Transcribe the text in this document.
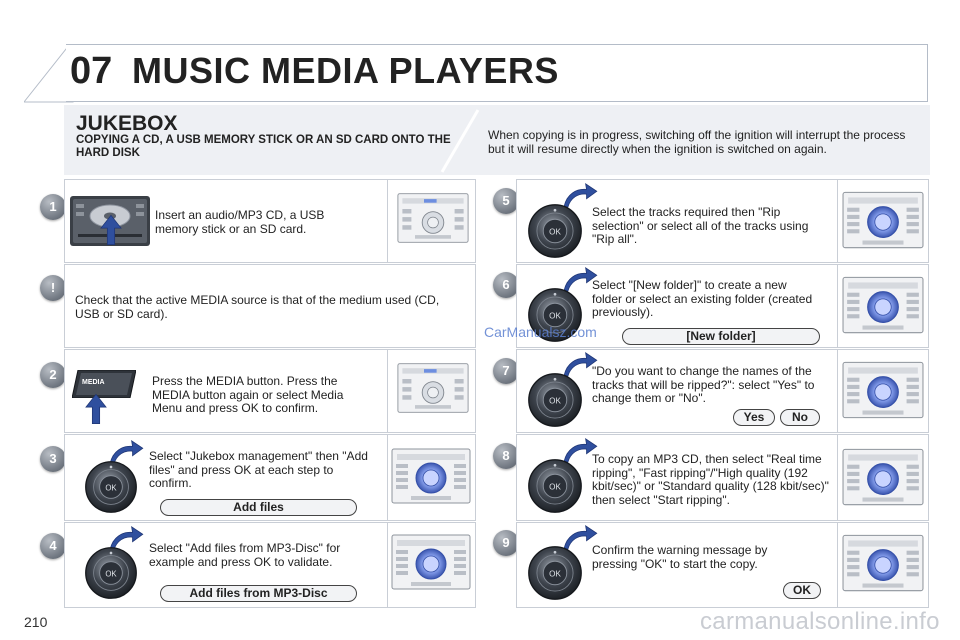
07 MUSIC MEDIA PLAYERS
JUKEBOX
COPYING A CD, A USB MEMORY STICK OR AN SD CARD ONTO THE HARD DISK
When copying is in progress, switching off the ignition will interrupt the process but it will resume directly when the ignition is switched on again.
1
Insert an audio/MP3 CD, a USB memory stick or an SD card.
!
Check that the active MEDIA source is that of the medium used (CD, USB or SD card).
2
MEDIA	Press the MEDIA button. Press the MEDIA button again or select Media Menu and press OK to confirm.
3	Select "Jukebox management" then "Add files" and press OK at each step to confirm.
Add files
4	Select "Add files from MP3-Disc" for example and press OK to validate.
Add files from MP3-Disc
5
Select the tracks required then "Rip selection" or select all of the tracks using "Rip all".
6	Select "[New folder]" to create a new folder or select an existing folder (created previously).
[New folder]
7	"Do you want to change the names of the tracks that will be ripped?": select "Yes" to change them or "No".
Yes	No
8	To copy an MP3 CD, then select "Real time ripping", "Fast ripping"/"High quality (192 kbit/sec)" or "Standard quality (128 kbit/sec)" then select "Start ripping".
9	Confirm the warning message by pressing "OK" to start the copy.
OK
CarManualsz.com
210	carmanualsonline.info
